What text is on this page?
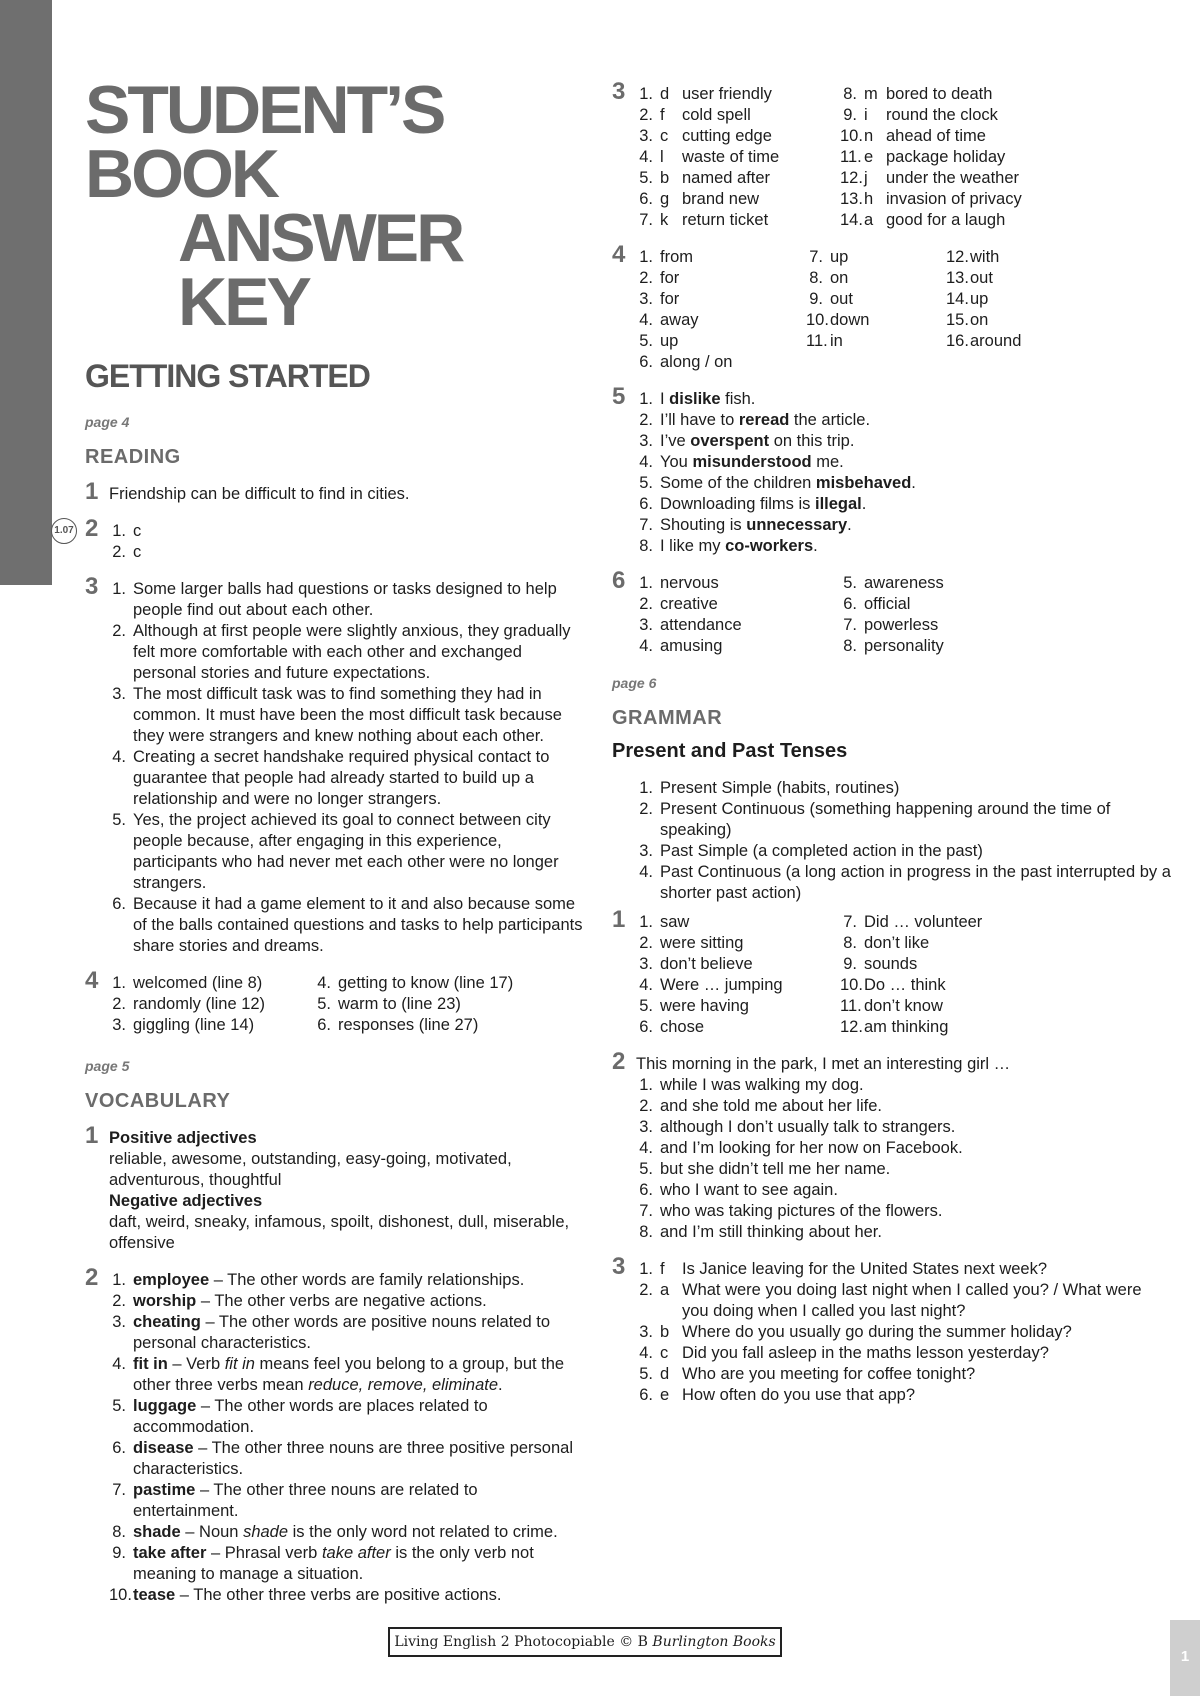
STUDENT’S BOOK
ANSWER KEY
GETTING STARTED
page 4
READING
1 Friendship can be difficult to find in cities.
1.07 2 1. c
2. c
3 1. Some larger balls had questions or tasks designed to help people find out about each other.
2. Although at first people were slightly anxious, they gradually felt more comfortable with each other and exchanged personal stories and future expectations.
3. The most difficult task was to find something they had in common. It must have been the most difficult task because they were strangers and knew nothing about each other.
4. Creating a secret handshake required physical contact to guarantee that people had already started to build up a relationship and were no longer strangers.
5. Yes, the project achieved its goal to connect between city people because, after engaging in this experience, participants who had never met each other were no longer strangers.
6. Because it had a game element to it and also because some of the balls contained questions and tasks to help participants share stories and dreams.
4 1. welcomed (line 8)	4. getting to know (line 17)
2. randomly (line 12)	5. warm to (line 23)
3. giggling (line 14)	6. responses (line 27)
page 5
VOCABULARY
1 Positive adjectives
reliable, awesome, outstanding, easy-going, motivated, adventurous, thoughtful
Negative adjectives
daft, weird, sneaky, infamous, spoilt, dishonest, dull, miserable, offensive
2 1. employee – The other words are family relationships.
2. worship – The other verbs are negative actions.
3. cheating – The other words are positive nouns related to personal characteristics.
4. fit in – Verb fit in means feel you belong to a group, but the other three verbs mean reduce, remove, eliminate.
5. luggage – The other words are places related to accommodation.
6. disease – The other three nouns are three positive personal characteristics.
7. pastime – The other three nouns are related to entertainment.
8. shade – Noun shade is the only word not related to crime.
9. take after – Phrasal verb take after is the only verb not meaning to manage a situation.
10. tease – The other three verbs are positive actions.
3 1. d user friendly	8. m bored to death
2. f	cold spell	9. i	round the clock
3. c cutting edge	10. n ahead of time
4. l	waste of time	11. e package holiday
5. b named after	12. j	under the weather
6. g brand new	13. h invasion of privacy
7. k return ticket	14. a good for a laugh
4 1. from	7. up	12. with
2. for	8. on	13. out
3. for	9. out	14. up
4. away	10. down	15. on
5. up	11. in	16. around
6. along / on
5 1. I dislike fish.
2. I’ll have to reread the article.
3. I’ve overspent on this trip.
4. You misunderstood me.
5. Some of the children misbehaved.
6. Downloading films is illegal.
7. Shouting is unnecessary.
8. I like my co-workers.
6 1. nervous	5. awareness
2. creative	6. official
3. attendance	7. powerless
4. amusing	8. personality
page 6
GRAMMAR
Present and Past Tenses
1. Present Simple (habits, routines)
2. Present Continuous (something happening around the time of speaking)
3. Past Simple (a completed action in the past)
4. Past Continuous (a long action in progress in the past interrupted by a shorter past action)
1 1. saw	7. Did … volunteer
2. were sitting	8. don’t like
3. don’t believe	9. sounds
4. Were … jumping	10. Do … think
5. were having	11. don’t know
6. chose	12. am thinking
2 This morning in the park, I met an interesting girl …
1. while I was walking my dog.
2. and she told me about her life.
3. although I don’t usually talk to strangers.
4. and I’m looking for her now on Facebook.
5. but she didn’t tell me her name.
6. who I want to see again.
7. who was taking pictures of the flowers.
8. and I’m still thinking about her.
3 1. f	Is Janice leaving for the United States next week?
2. a What were you doing last night when I called you? / What were you doing when I called you last night?
3. b Where do you usually go during the summer holiday?
4. c Did you fall asleep in the maths lesson yesterday?
5. d Who are you meeting for coffee tonight?
6. e How often do you use that app?
Living English 2 Photocopiable © B Burlington Books
1
